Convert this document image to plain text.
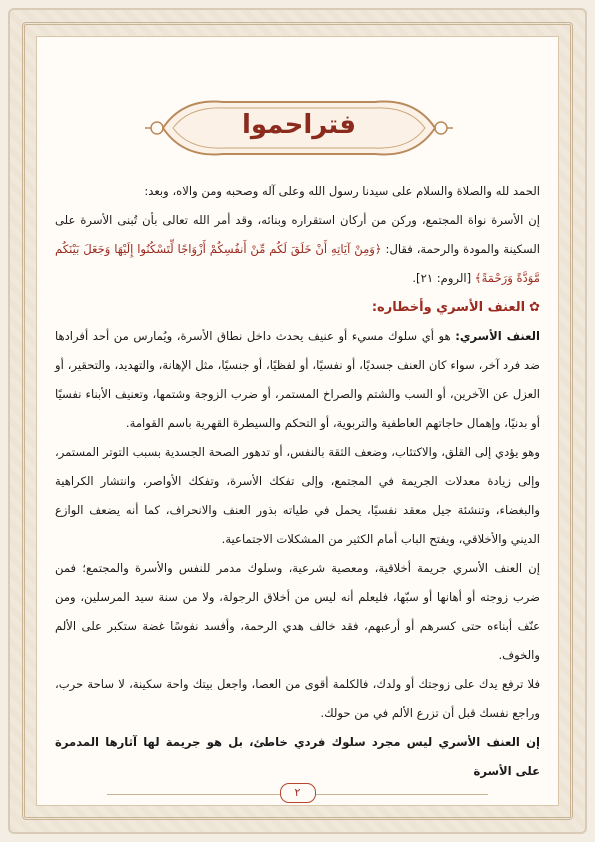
فتراحموا

الحمد لله والصلاة والسلام على سيدنا رسول الله وعلى آله وصحبه ومن والاه، وبعد:

إن الأسرة نواة المجتمع، وركن من أركان استقراره وبنائه، وقد أمر الله تعالى بأن تُبنى الأسرة على السكينة والمودة والرحمة، فقال: ﴿وَمِنْ آيَاتِهِ أَنْ خَلَقَ لَكُم مِّنْ أَنفُسِكُمْ أَزْوَاجًا لِّتَسْكُنُوا إِلَيْهَا وَجَعَلَ بَيْنَكُم مَّوَدَّةً وَرَحْمَةً﴾ [الروم: ٢١].

✿العنف الأسري وأخطاره:

العنف الأسري: هو أي سلوك مسيء أو عنيف يحدث داخل نطاق الأسرة، ويُمارس من أحد أفرادها ضد فرد آخر، سواء كان العنف جسديًا، أو نفسيًا، أو لفظيًا، أو جنسيًا، مثل الإهانة، والتهديد، والتحقير، أو العزل عن الآخرين، أو السب والشتم والصراخ المستمر، أو ضرب الزوجة وشتمها، وتعنيف الأبناء نفسيًا أو بدنيًا، وإهمال حاجاتهم العاطفية والتربوية، أو التحكم والسيطرة القهرية باسم القوامة.

وهو يؤدي إلى القلق، والاكتئاب، وضعف الثقة بالنفس، أو تدهور الصحة الجسدية بسبب التوتر المستمر، وإلى زيادة معدلات الجريمة في المجتمع، وإلى تفكك الأسرة، وتفكك الأواصر، وانتشار الكراهية والبغضاء، وتنشئة جيل معقد نفسيًا، يحمل في طياته بذور العنف والانحراف، كما أنه يضعف الوازع الديني والأخلاقي، ويفتح الباب أمام الكثير من المشكلات الاجتماعية.

إن العنف الأسري جريمة أخلاقية، ومعصية شرعية، وسلوك مدمر للنفس والأسرة والمجتمع؛ فمن ضرب زوجته أو أهانها أو سبّها، فليعلم أنه ليس من أخلاق الرجولة، ولا من سنة سيد المرسلين، ومن عنّف أبناءه حتى كسرهم أو أرعبهم، فقد خالف هدي الرحمة، وأفسد نفوسًا غضة ستكبر على الألم والخوف.

فلا ترفع يدك على زوجتك أو ولدك، فالكلمة أقوى من العصا، واجعل بيتك واحة سكينة، لا ساحة حرب، وراجع نفسك قبل أن تزرع الألم في من حولك.

إن العنف الأسري ليس مجرد سلوك فردي خاطئ، بل هو جريمة لها آثارها المدمرة على الأسرة

٢
